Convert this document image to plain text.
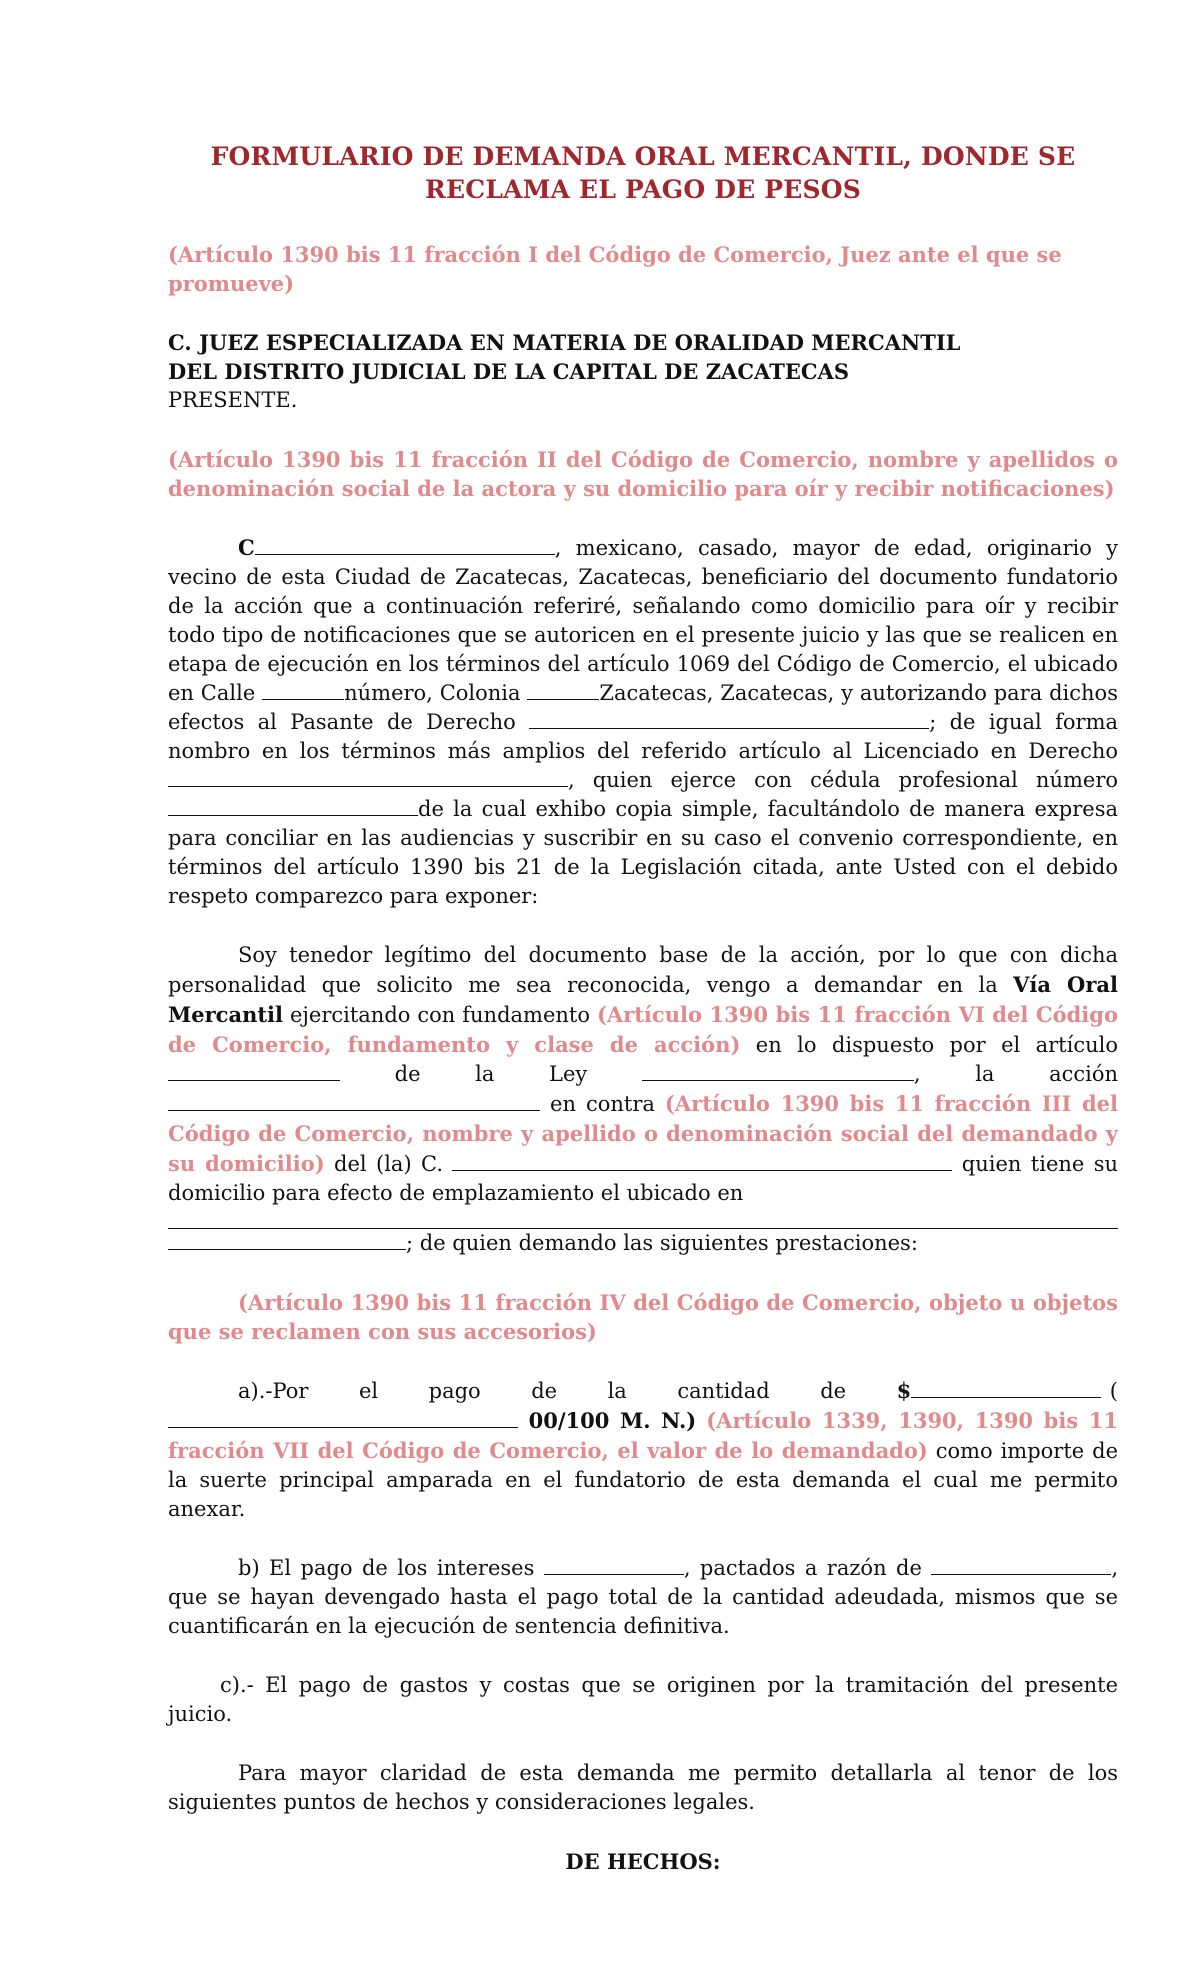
FORMULARIO DE DEMANDA ORAL MERCANTIL, DONDE SE
RECLAMA EL PAGO DE PESOS

(Artículo 1390 bis 11 fracción I del Código de Comercio, Juez ante el que se promueve)

C. JUEZ ESPECIALIZADA EN MATERIA DE ORALIDAD MERCANTIL
DEL DISTRITO JUDICIAL DE LA CAPITAL DE ZACATECAS
PRESENTE.

(Artículo 1390 bis 11 fracción II del Código de Comercio, nombre y apellidos o denominación social de la actora y su domicilio para oír y recibir notificaciones)

C	, mexicano, casado, mayor de edad, originario y vecino de esta Ciudad de Zacatecas, Zacatecas, beneficiario del documento fundatorio de la acción que a continuación referiré, señalando como domicilio para oír y recibir todo tipo de notificaciones que se autoricen en el presente juicio y las que se realicen en etapa de ejecución en los términos del artículo 1069 del Código de Comercio, el ubicado en Calle	número, Colonia	Zacatecas, Zacatecas, y autorizando para dichos efectos al Pasante de Derecho	; de igual forma nombro en los términos más amplios del referido artículo al Licenciado en Derecho , quien ejerce con cédula profesional número de la cual exhibo copia simple, facultándolo de manera expresa para conciliar en las audiencias y suscribir en su caso el convenio correspondiente, en términos del artículo 1390 bis 21 de la Legislación citada, ante Usted con el debido respeto comparezco para exponer:

Soy tenedor legítimo del documento base de la acción, por lo que con dicha personalidad que solicito me sea reconocida, vengo a demandar en la Vía Oral Mercantil ejercitando con fundamento (Artículo 1390 bis 11 fracción VI del Código de Comercio, fundamento y clase de acción) en lo dispuesto por el artículo  de la Ley	, la acción en contra (Artículo 1390 bis 11 fracción III del Código de Comercio, nombre y apellido o denominación social del demandado y su domicilio) del (la) C.	quien tiene su domicilio para efecto de emplazamiento el ubicado en
; de quien demando las siguientes prestaciones:

(Artículo 1390 bis 11 fracción IV del Código de Comercio, objeto u objetos que se reclamen con sus accesorios)

a).-Por el pago de la cantidad de $	( 00/100 M. N.) (Artículo 1339, 1390, 1390 bis 11 fracción VII del Código de Comercio, el valor de lo demandado) como importe de la suerte principal amparada en el fundatorio de esta demanda el cual me permito anexar.

b) El pago de los intereses	, pactados a razón de	, que se hayan devengado hasta el pago total de la cantidad adeudada, mismos que se cuantificarán en la ejecución de sentencia definitiva.

c).- El pago de gastos y costas que se originen por la tramitación del presente juicio.

Para mayor claridad de esta demanda me permito detallarla al tenor de los siguientes puntos de hechos y consideraciones legales.

DE HECHOS:
